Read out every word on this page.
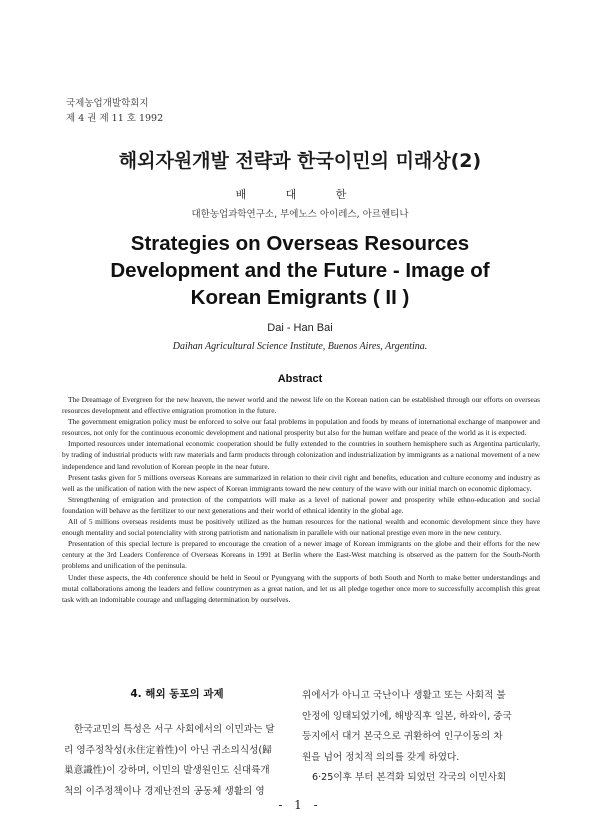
국제농업개발학회지
제 4 권 제 11 호 1992
해외자원개발 전략과 한국이민의 미래상(2)
배 대 한
대한농업과학연구소, 부에노스 아이레스, 아르헨티나
Strategies on Overseas Resources
Development and the Future - Image of
Korean Emigrants ( II )
Dai - Han Bai
Daihan Agricultural Science Institute, Buenos Aires, Argentina.
Abstract

The Dreamage of Evergreen for the new heaven, the newer world and the newest life on the Korean nation can be established through our efforts on overseas resources development and effective emigration promotion in the future.

The government emigration policy must be enforced to solve our fatal problems in population and foods by means of international exchange of manpower and resources, not only for the continuous economic development and national prosperity but also for the human welfare and peace of the world as it is expected.

Imported resources under international economic cooperation should be fully extended to the countries in southern hemisphere such as Argentina particularly, by trading of industrial products with raw materials and farm products through colonization and industrialization by immigrants as a national movement of a new independence and land revolution of Korean people in the near future.

Present tasks given for 5 millions overseas Koreans are summarized in relation to their civil right and benefits, education and culture economy and industry as well as the unification of nation with the new aspect of Korean immigrants toward the new century of the wave with our initial march on economic diplomacy.

Strengthening of emigration and protection of the compatriots will make as a level of national power and prosperity while ethno-education and social foundation will behave as the fertilizer to our next generations and their world of ethnical identity in the global age.

All of 5 millions overseas residents must be positively utilized as the human resources for the national wealth and economic development since they have enough mentality and social potenciality with strong patriotism and nationalism in parallele with our national prestige even more in the new century.

Presentation of this special lecture is prepared to encourage the creation of a newer image of Korean immigrants on the globe and their efforts for the new century at the 3rd Leaders Conference of Overseas Koreans in 1991 at Berlin where the East-West matching is observed as the pattern for the South-North problems and unification of the peninsula.

Under these aspects, the 4th conference should be held in Seoul or Pyungyang with the supports of both South and North to make better understandings and mutal collaborations among the leaders and fellow countrymen as a great nation, and let us all pledge together once more to successfully accomplish this great task with an indomitable courage and unflagging determination by ourselves.

4. 해외 동포의 과제
한국교민의 특성은 서구 사회에서의 이민과는 달
리 영주정착성(永住定着性)이 아닌 귀소의식성(歸
巢意識性)이 강하며, 이민의 발생원인도 신대륙개
척의 이주정책이나 경제난전의 공동체 생활의 영
위에서가 아니고 국난이나 생활고 또는 사회적 불
안정에 잉태되었기에, 해방직후 일본, 하와이, 중국
등지에서 대거 본국으로 귀환하여 인구이동의 차
원을 넘어 정치적 의의를 갖게 하였다.
6·25이후 부터 본격화 되었던 각국의 이민사회
- 1 -
